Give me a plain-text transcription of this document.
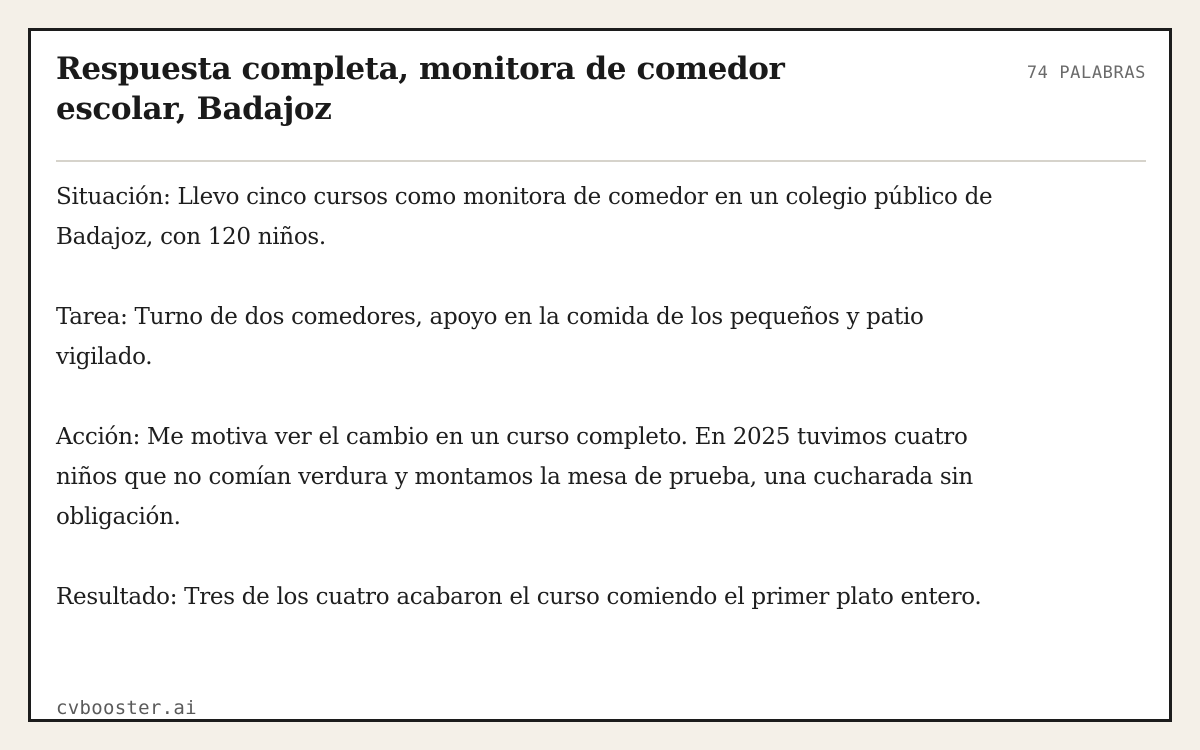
Respuesta completa, monitora de comedor escolar, Badajoz
74 PALABRAS

Situación: Llevo cinco cursos como monitora de comedor en un colegio público de Badajoz, con 120 niños.

Tarea: Turno de dos comedores, apoyo en la comida de los pequeños y patio vigilado.

Acción: Me motiva ver el cambio en un curso completo. En 2025 tuvimos cuatro niños que no comían verdura y montamos la mesa de prueba, una cucharada sin obligación.

Resultado: Tres de los cuatro acabaron el curso comiendo el primer plato entero.

cvbooster.ai
